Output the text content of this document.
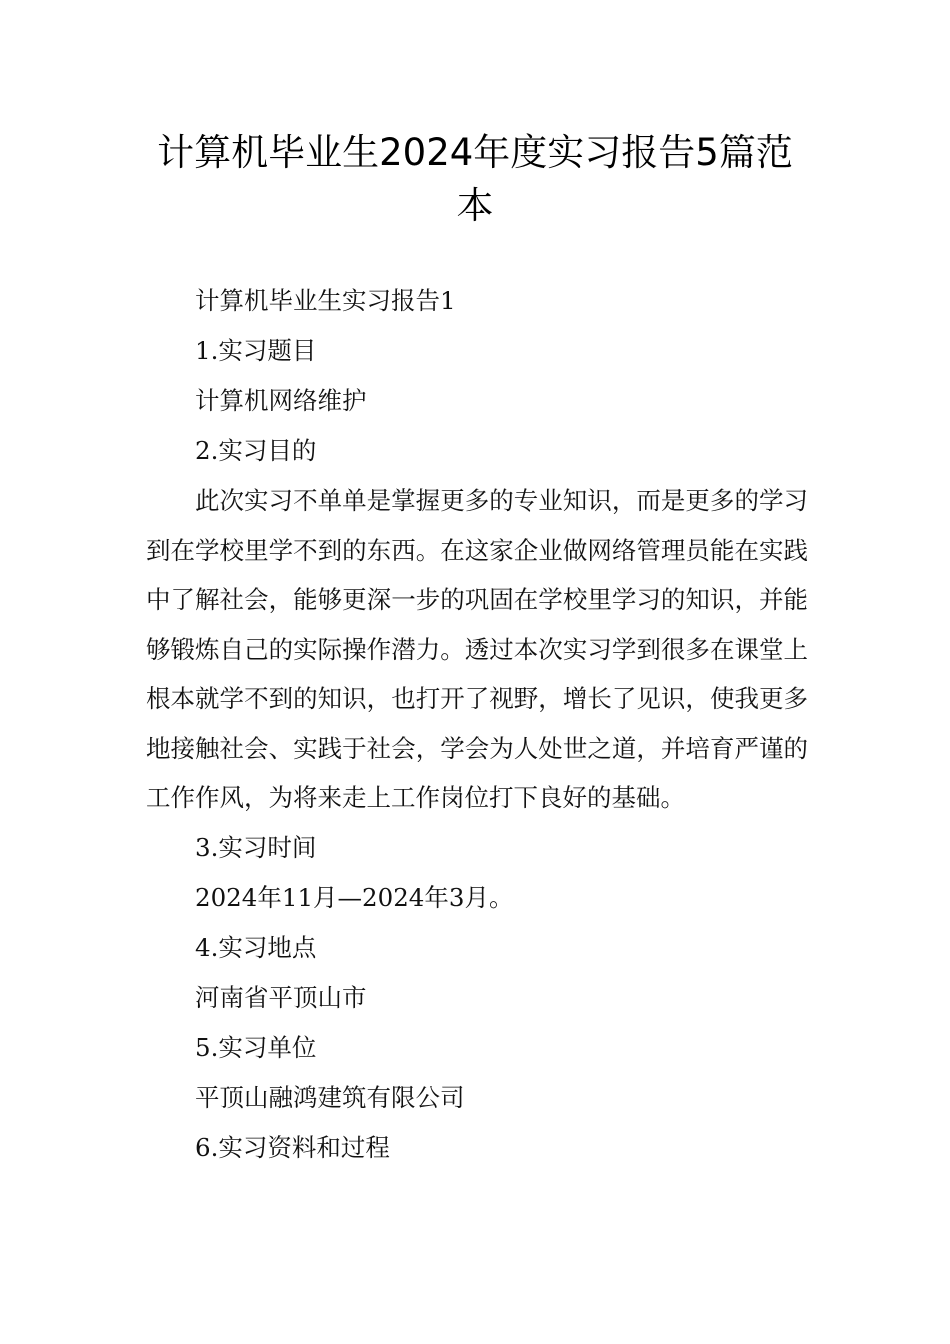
计算机毕业生2024年度实习报告5篇范
本

计算机毕业生实习报告1

1.实习题目

计算机网络维护

2.实习目的

此次实习不单单是掌握更多的专业知识，而是更多的学习到在学校里学不到的东西。在这家企业做网络管理员能在实践中了解社会，能够更深一步的巩固在学校里学习的知识，并能够锻炼自己的实际操作潜力。透过本次实习学到很多在课堂上根本就学不到的知识，也打开了视野，增长了见识，使我更多地接触社会、实践于社会，学会为人处世之道，并培育严谨的工作作风，为将来走上工作岗位打下良好的基础。

3.实习时间

2024年11月—2024年3月。

4.实习地点

河南省平顶山市

5.实习单位

平顶山融鸿建筑有限公司

6.实习资料和过程
